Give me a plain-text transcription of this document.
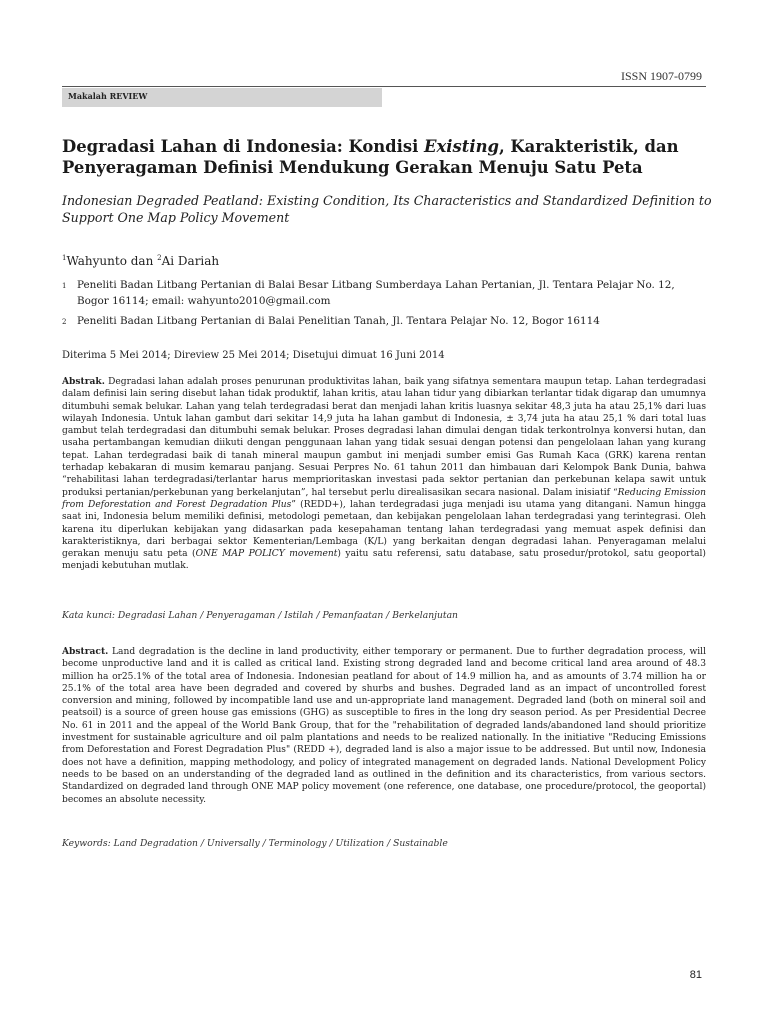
ISSN 1907-0799
Makalah REVIEW
Degradasi Lahan di Indonesia: Kondisi Existing, Karakteristik, dan Penyeragaman Definisi Mendukung Gerakan Menuju Satu Peta

Indonesian Degraded Peatland: Existing Condition, Its Characteristics and Standardized Definition to Support One Map Policy Movement

$^1$Wahyunto dan $^2$Ai Dariah
1	Peneliti Badan Litbang Pertanian di Balai Besar Litbang Sumberdaya Lahan Pertanian, Jl. Tentara Pelajar No. 12, Bogor 16114; email: wahyunto2010@gmail.com
2	Peneliti Badan Litbang Pertanian di Balai Penelitian Tanah, Jl. Tentara Pelajar No. 12, Bogor 16114
Diterima 5 Mei 2014; Direview 25 Mei 2014; Disetujui dimuat 16 Juni 2014
Abstrak. Degradasi lahan adalah proses penurunan produktivitas lahan, baik yang sifatnya sementara maupun tetap. Lahan terdegradasi dalam definisi lain sering disebut lahan tidak produktif, lahan kritis, atau lahan tidur yang dibiarkan terlantar tidak digarap dan umumnya ditumbuhi semak belukar. Lahan yang telah terdegradasi berat dan menjadi lahan kritis luasnya sekitar 48,3 juta ha atau 25,1% dari luas wilayah Indonesia. Untuk lahan gambut dari sekitar 14,9 juta ha lahan gambut di Indonesia, ± 3,74 juta ha atau 25,1 % dari total luas gambut telah terdegradasi dan ditumbuhi semak belukar. Proses degradasi lahan dimulai dengan tidak terkontrolnya konversi hutan, dan usaha pertambangan kemudian diikuti dengan penggunaan lahan yang tidak sesuai dengan potensi dan pengelolaan lahan yang kurang tepat. Lahan terdegradasi baik di tanah mineral maupun gambut ini menjadi sumber emisi Gas Rumah Kaca (GRK) karena rentan terhadap kebakaran di musim kemarau panjang. Sesuai Perpres No. 61 tahun 2011 dan himbauan dari Kelompok Bank Dunia, bahwa “rehabilitasi lahan terdegradasi/terlantar harus memprioritaskan investasi pada sektor pertanian dan perkebunan kelapa sawit untuk produksi pertanian/perkebunan yang berkelanjutan”, hal tersebut perlu direalisasikan secara nasional. Dalam inisiatif “Reducing Emission from Deforestation and Forest Degradation Plus” (REDD+), lahan terdegradasi juga menjadi isu utama yang ditangani. Namun hingga saat ini, Indonesia belum memiliki definisi, metodologi pemetaan, dan kebijakan pengelolaan lahan terdegradasi yang terintegrasi. Oleh karena itu diperlukan kebijakan yang didasarkan pada kesepahaman tentang lahan terdegradasi yang memuat aspek definisi dan karakteristiknya, dari berbagai sektor Kementerian/Lembaga (K/L) yang berkaitan dengan degradasi lahan. Penyeragaman melalui gerakan menuju satu peta (ONE MAP POLICY movement) yaitu satu referensi, satu database, satu prosedur/protokol, satu geoportal) menjadi kebutuhan mutlak.
Kata kunci: Degradasi Lahan / Penyeragaman / Istilah / Pemanfaatan / Berkelanjutan
Abstract. Land degradation is the decline in land productivity, either temporary or permanent. Due to further degradation process, will become unproductive land and it is called as critical land. Existing strong degraded land and become critical land area around of 48.3 million ha or25.1% of the total area of Indonesia. Indonesian peatland for about of 14.9 million ha, and as amounts of 3.74 million ha or 25.1% of the total area have been degraded and covered by shurbs and bushes. Degraded land as an impact of uncontrolled forest conversion and mining, followed by incompatible land use and un-appropriate land management. Degraded land (both on mineral soil and peatsoil) is a source of green house gas emissions (GHG) as susceptible to fires in the long dry season period. As per Presidential Decree No. 61 in 2011 and the appeal of the World Bank Group, that for the "rehabilitation of degraded lands/abandoned land should prioritize investment for sustainable agriculture and oil palm plantations and needs to be realized nationally. In the initiative "Reducing Emissions from Deforestation and Forest Degradation Plus" (REDD +), degraded land is also a major issue to be addressed. But until now, Indonesia does not have a definition, mapping methodology, and policy of integrated management on degraded lands. National Development Policy needs to be based on an understanding of the degraded land as outlined in the definition and its characteristics, from various sectors. Standardized on degraded land through ONE MAP policy movement (one reference, one database, one procedure/protocol, the geoportal) becomes an absolute necessity.
Keywords: Land Degradation / Universally / Terminology / Utilization / Sustainable
81
